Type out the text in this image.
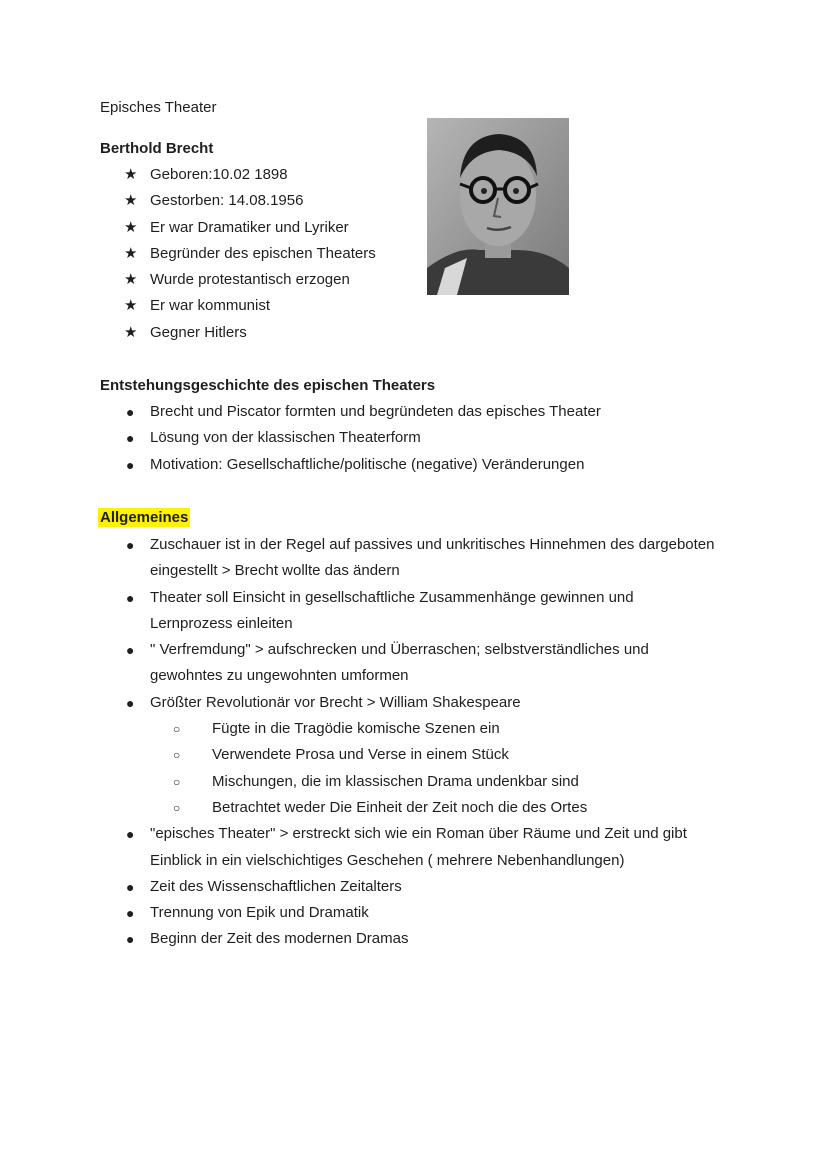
Episches Theater
Berthold Brecht
★ Geboren:10.02 1898
★ Gestorben: 14.08.1956
★ Er war Dramatiker und Lyriker
★ Begründer des epischen Theaters
★ Wurde protestantisch erzogen
★ Er war kommunist
★ Gegner Hitlers
Entstehungsgeschichte des epischen Theaters
● Brecht und Piscator formten und begründeten das episches Theater
● Lösung von der klassischen Theaterform
● Motivation: Gesellschaftliche/politische (negative) Veränderungen
Allgemeines
● Zuschauer ist in der Regel auf passives und unkritisches Hinnehmen des dargeboten
eingestellt > Brecht wollte das ändern
● Theater soll Einsicht in gesellschaftliche Zusammenhänge gewinnen und
Lernprozess einleiten
● " Verfremdung" > aufschrecken und Überraschen; selbstverständliches und
gewohntes zu ungewohnten umformen
● Größter Revolutionär vor Brecht > William Shakespeare
○ Fügte in die Tragödie komische Szenen ein
○ Verwendete Prosa und Verse in einem Stück
○ Mischungen, die im klassischen Drama undenkbar sind
○ Betrachtet weder Die Einheit der Zeit noch die des Ortes
● "episches Theater" > erstreckt sich wie ein Roman über Räume und Zeit und gibt
Einblick in ein vielschichtiges Geschehen ( mehrere Nebenhandlungen)
● Zeit des Wissenschaftlichen Zeitalters
● Trennung von Epik und Dramatik
● Beginn der Zeit des modernen Dramas
